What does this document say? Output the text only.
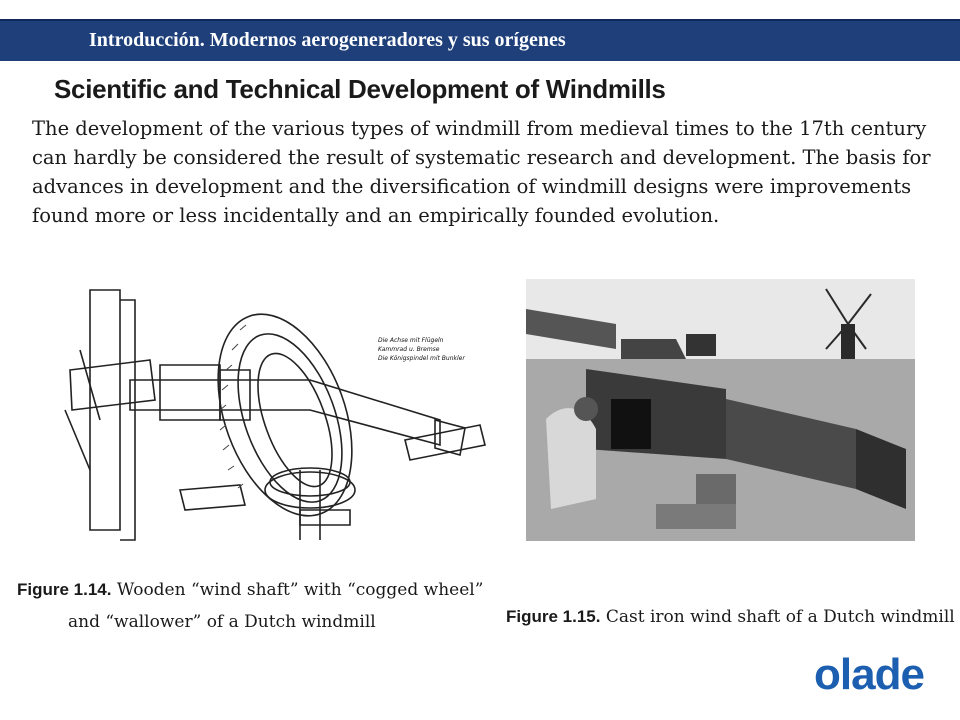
Introducción. Modernos aerogeneradores y sus orígenes
Scientific and Technical Development of Windmills
The development of the various types of windmill from medieval times to the 17th century
can hardly be considered the result of systematic research and development. The basis for
advances in development and the diversification of windmill designs were improvements
found more or less incidentally and an empirically founded evolution.
Die Achse mit Flügeln
Kammrad u. Bremse
Die Königspindel mit Bunkler
Figure 1.14. Wooden “wind shaft” with “cogged wheel”
and “wallower” of a Dutch windmill	Figure 1.15. Cast iron wind shaft of a Dutch windmill
olade
